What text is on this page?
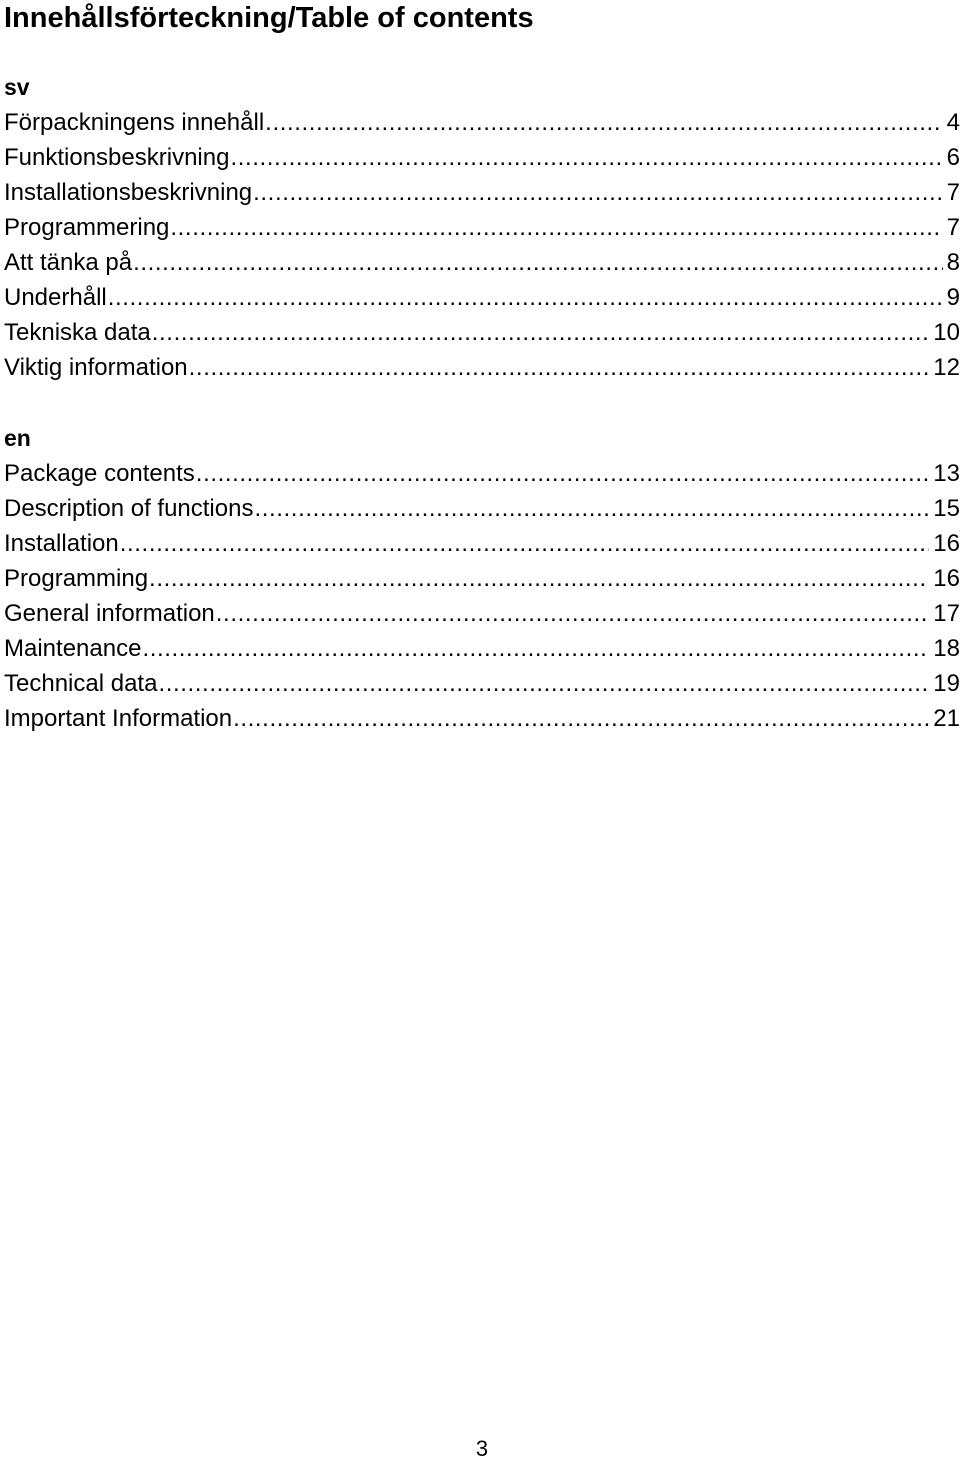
Innehållsförteckning/Table of contents
sv
Förpackningens innehåll .....	4
Funktionsbeskrivning .....	6
Installationsbeskrivning .....	7
Programmering .....	7
Att tänka på .....	8
Underhåll .....	9
Tekniska data .....	10
Viktig information .....	12
en
Package contents .....	13
Description of functions .....	15
Installation .....	16
Programming .....	16
General information .....	17
Maintenance .....	18
Technical data .....	19
Important Information .....	21
3
